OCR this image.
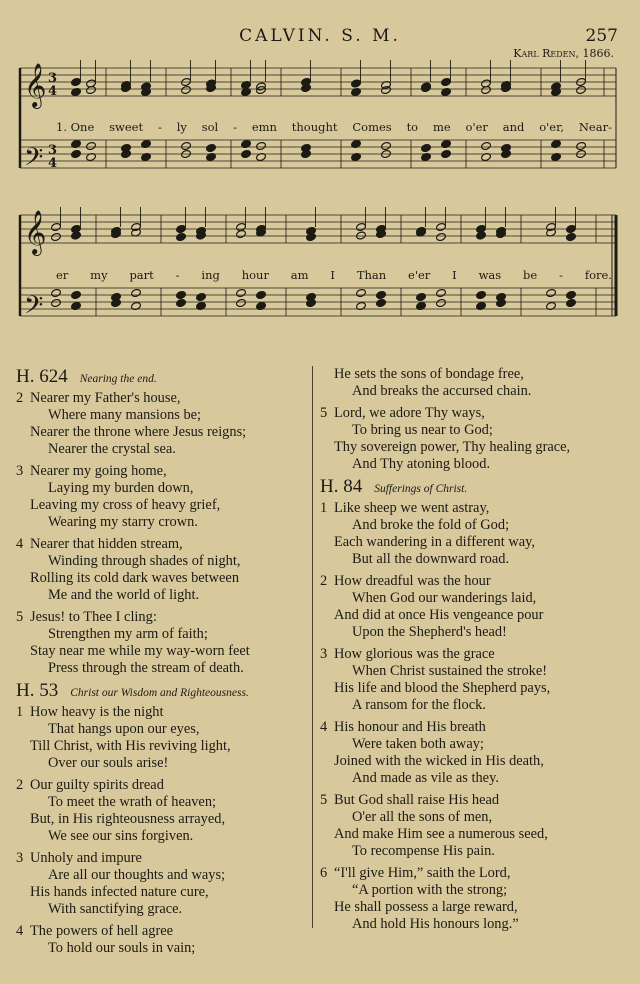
CALVIN. S. M.	257
Karl Reden, 1866.
𝄞
𝄢
𝄞
𝄢
3
4
3
4
1. One sweet - ly sol - emn thought Comes to me o'er and o'er, Near-
er my part - ing hour am I Than e'er I was be - fore.
H. 624 Nearing the end.
2 Nearer my Father's house,
Where many mansions be;
Nearer the throne where Jesus reigns;
Nearer the crystal sea.
3 Nearer my going home,
Laying my burden down,
Leaving my cross of heavy grief,
Wearing my starry crown.
4 Nearer that hidden stream,
Winding through shades of night,
Rolling its cold dark waves between
Me and the world of light.
5 Jesus! to Thee I cling:
Strengthen my arm of faith;
Stay near me while my way-worn feet
Press through the stream of death.
H. 53 Christ our Wisdom and Righteousness.
1 How heavy is the night
That hangs upon our eyes,
Till Christ, with His reviving light,
Over our souls arise!
2 Our guilty spirits dread
To meet the wrath of heaven;
But, in His righteousness arrayed,
We see our sins forgiven.
3 Unholy and impure
Are all our thoughts and ways;
His hands infected nature cure,
With sanctifying grace.
4 The powers of hell agree
To hold our souls in vain;
He sets the sons of bondage free,
And breaks the accursed chain.
5 Lord, we adore Thy ways,
To bring us near to God;
Thy sovereign power, Thy healing grace,
And Thy atoning blood.
H. 84 Sufferings of Christ.
1 Like sheep we went astray,
And broke the fold of God;
Each wandering in a different way,
But all the downward road.
2 How dreadful was the hour
When God our wanderings laid,
And did at once His vengeance pour
Upon the Shepherd's head!
3 How glorious was the grace
When Christ sustained the stroke!
His life and blood the Shepherd pays,
A ransom for the flock.
4 His honour and His breath
Were taken both away;
Joined with the wicked in His death,
And made as vile as they.
5 But God shall raise His head
O'er all the sons of men,
And make Him see a numerous seed,
To recompense His pain.
6 “I'll give Him,” saith the Lord,
“A portion with the strong;
He shall possess a large reward,
And hold His honours long.”
